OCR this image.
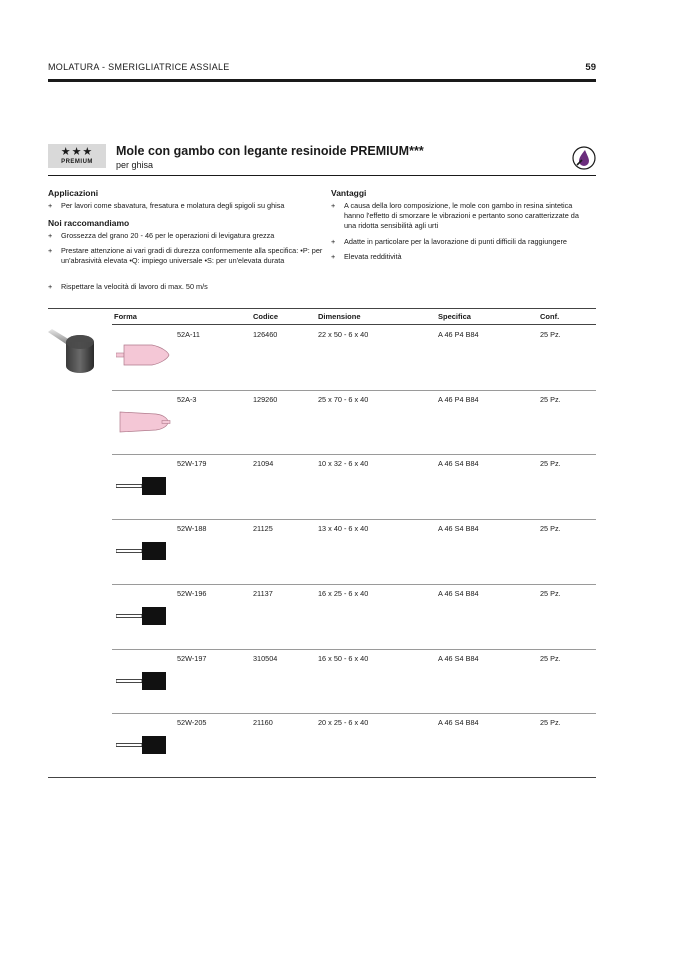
MOLATURA - SMERIGLIATRICE ASSIALE	59
★★★
PREMIUM
Mole con gambo con legante resinoide PREMIUM***
per ghisa
Applicazioni
+	Per lavori come sbavatura, fresatura e molatura degli spigoli su ghisa
Noi raccomandiamo
+	Grossezza del grano 20 - 46 per le operazioni di levigatura grezza
+	Prestare attenzione ai vari gradi di durezza conformemente alla specifica: •P: per un'abrasività elevata •Q: impiego universale •S: per un'elevata durata
+	Rispettare la velocità di lavoro di max. 50 m/s
Vantaggi
+	A causa della loro composizione, le mole con gambo in resina sintetica hanno l'effetto di smorzare le vibrazioni e pertanto sono caratterizzate da una ridotta sensibilità agli urti
+	Adatte in particolare per la lavorazione di punti difficili da raggiungere
+	Elevata redditività
Forma	Codice	Dimensione	Specifica	Conf.
52A-11	126460	22 x 50 - 6 x 40	A 46 P4 B84	25 Pz.
52A-3	129260	25 x 70 - 6 x 40	A 46 P4 B84	25 Pz.
52W-179	21094	10 x 32 - 6 x 40	A 46 S4 B84	25 Pz.
52W-188	21125	13 x 40 - 6 x 40	A 46 S4 B84	25 Pz.
52W-196	21137	16 x 25 - 6 x 40	A 46 S4 B84	25 Pz.
52W-197	310504	16 x 50 - 6 x 40	A 46 S4 B84	25 Pz.
52W-205	21160	20 x 25 - 6 x 40	A 46 S4 B84	25 Pz.
